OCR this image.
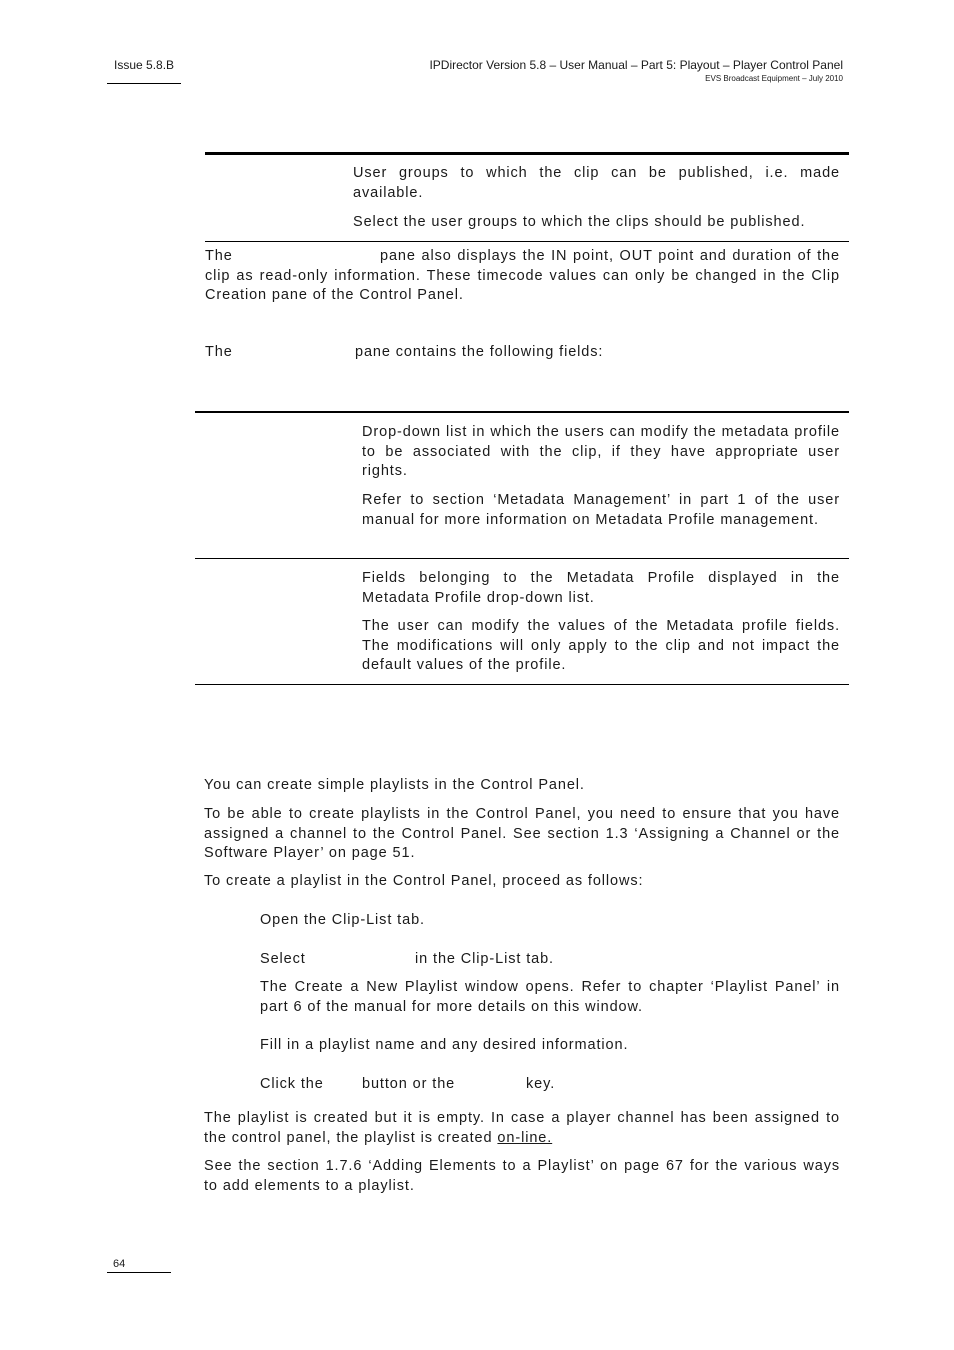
Issue 5.8.B	IPDirector Version 5.8 – User Manual – Part 5: Playout – Player Control Panel
EVS Broadcast Equipment – July 2010
User groups to which the clip can be published, i.e. made available.
Select the user groups to which the clips should be published.
The	pane also displays the IN point, OUT point and duration of the clip as read-only information. These timecode values can only be changed in the Clip Creation pane of the Control Panel.
The	pane contains the following fields:
Drop-down list in which the users can modify the metadata profile to be associated with the clip, if they have appropriate user rights.
Refer to section ‘Metadata Management’ in part 1 of the user manual for more information on Metadata Profile management.
Fields belonging to the Metadata Profile displayed in the Metadata Profile drop-down list.
The user can modify the values of the Metadata profile fields. The modifications will only apply to the clip and not impact the default values of the profile.
You can create simple playlists in the Control Panel.
To be able to create playlists in the Control Panel, you need to ensure that you have assigned a channel to the Control Panel. See section 1.3 ‘Assigning a Channel or the Software Player’ on page 51.
To create a playlist in the Control Panel, proceed as follows:
Open the Clip-List tab.
Select	in the Clip-List tab.
The Create a New Playlist window opens. Refer to chapter ‘Playlist Panel’ in part 6 of the manual for more details on this window.
Fill in a playlist name and any desired information.
Click the	button or the	key.
The playlist is created but it is empty. In case a player channel has been assigned to the control panel, the playlist is created on-line.
See the section 1.7.6 ‘Adding Elements to a Playlist’ on page 67 for the various ways to add elements to a playlist.
64
